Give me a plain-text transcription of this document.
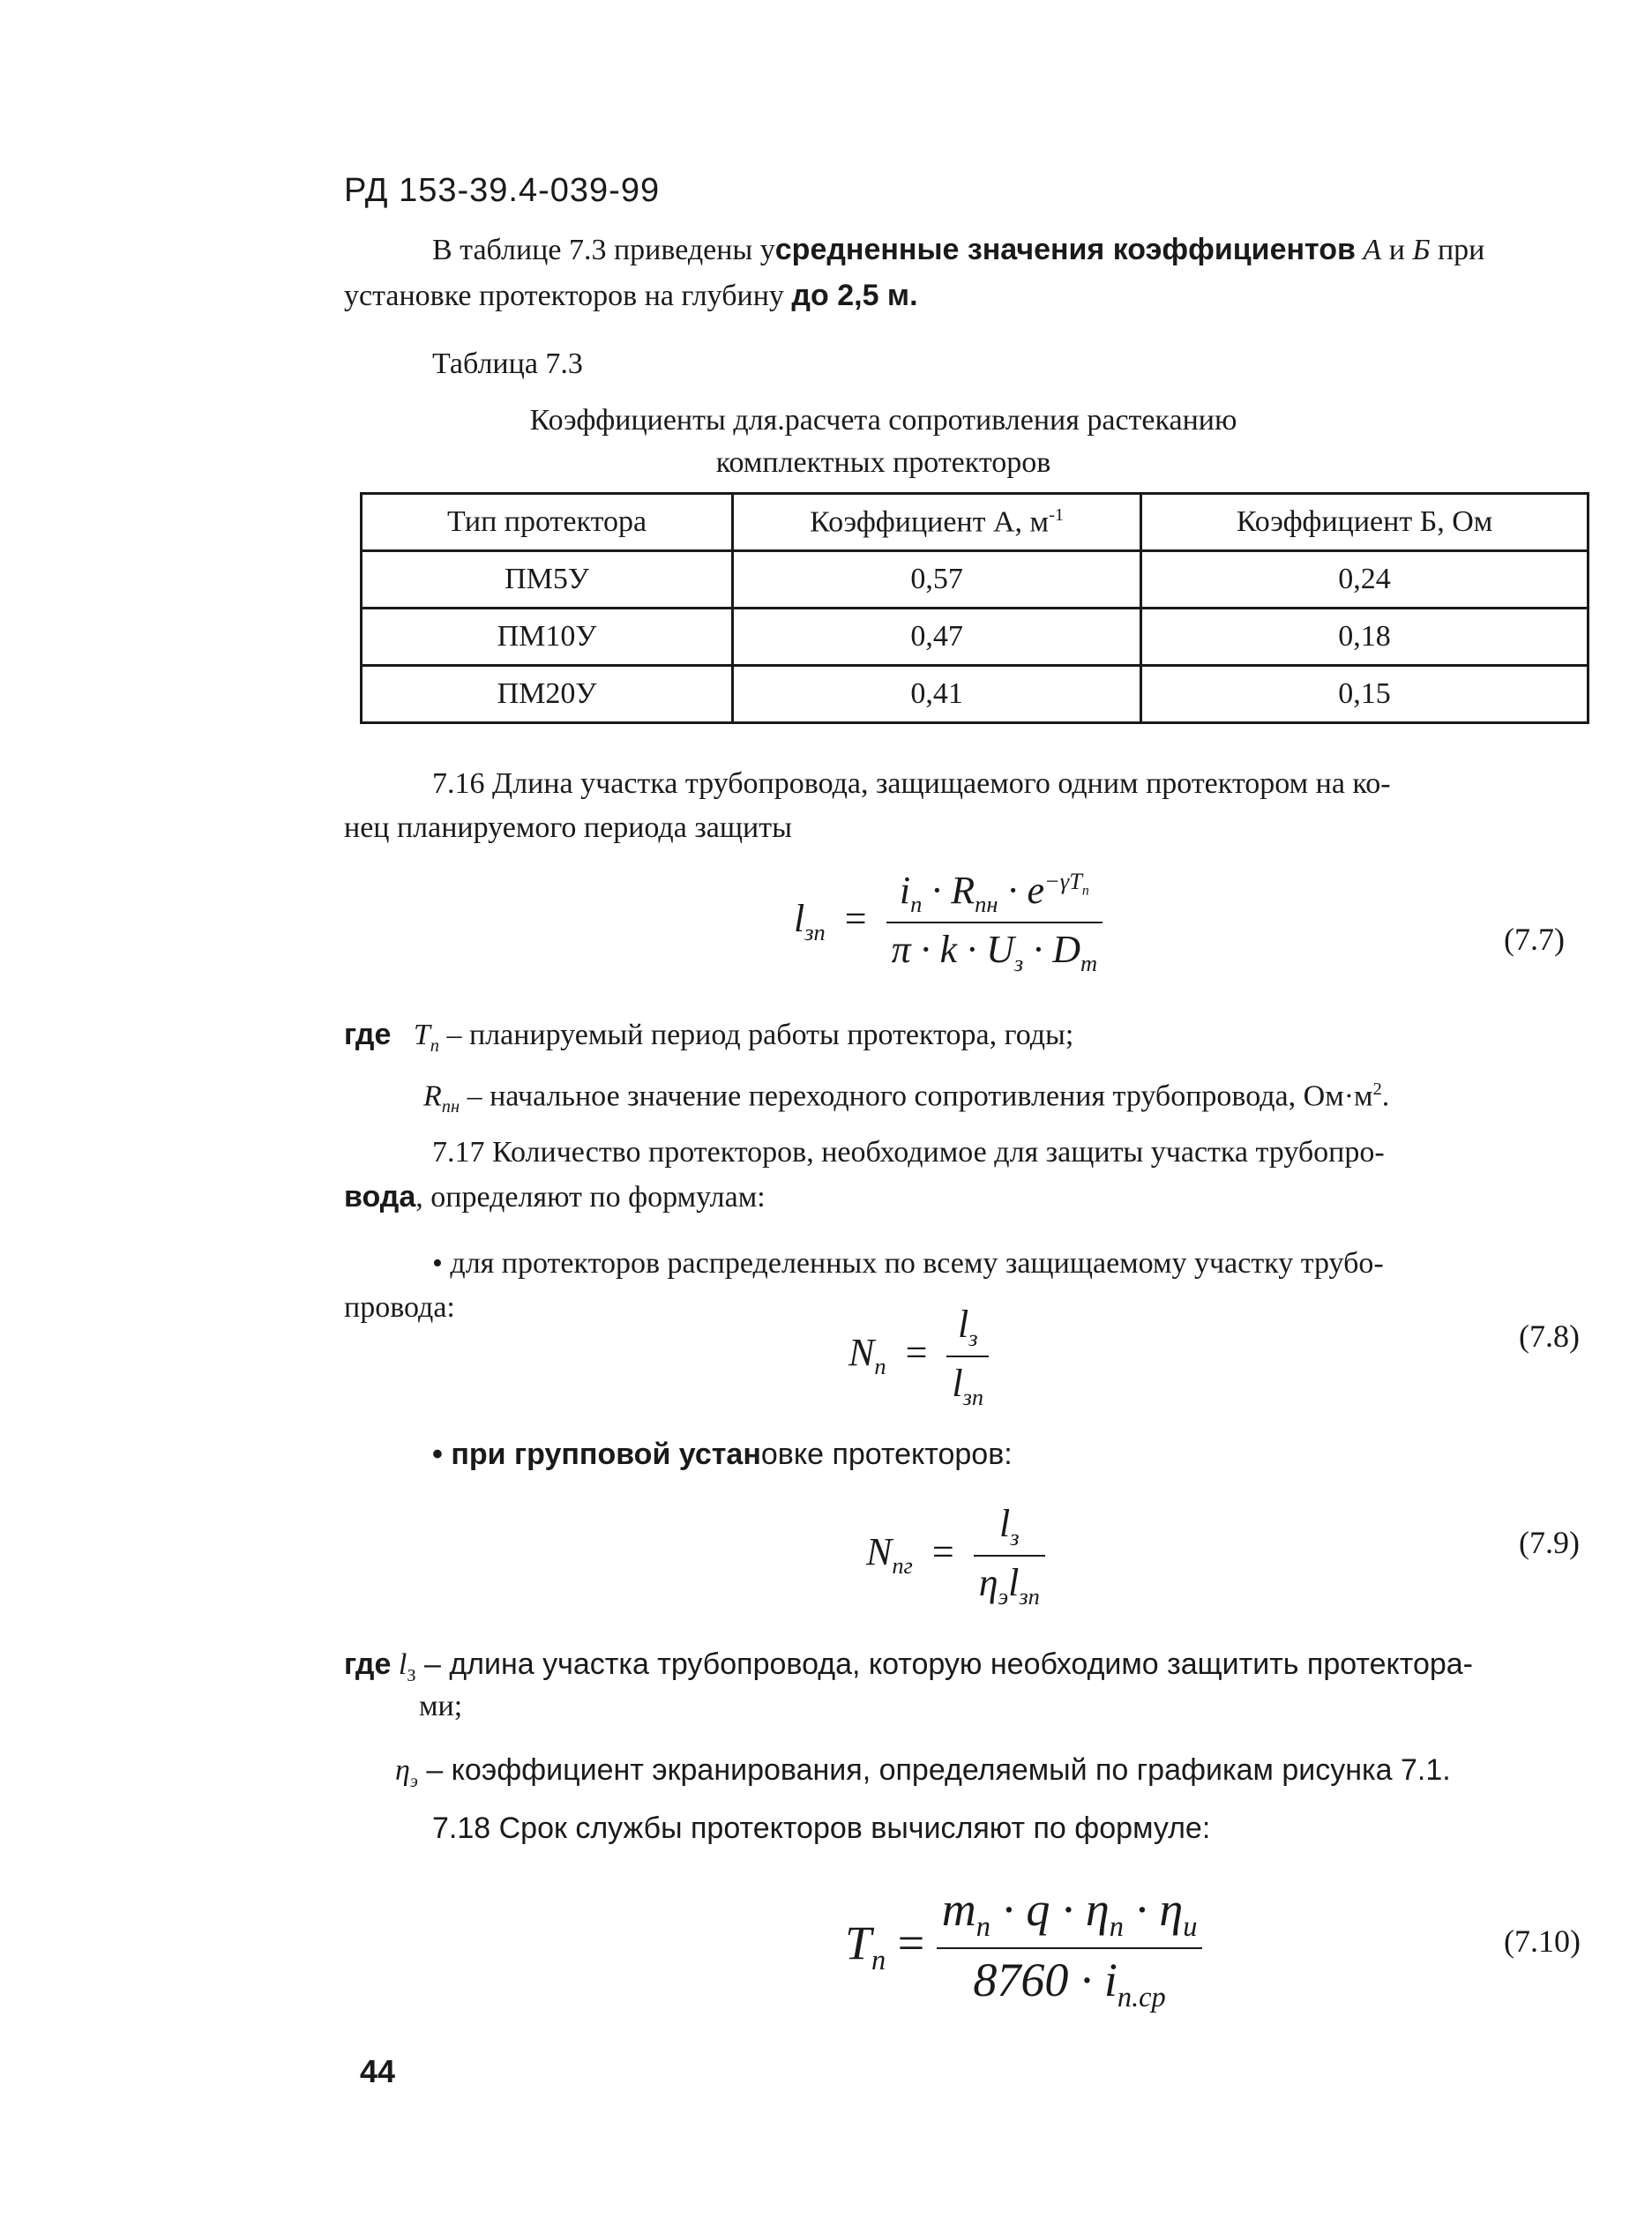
РД 153-39.4-039-99
В таблице 7.3 приведены усредненные значения коэффициентов А и Б при
установке протекторов на глубину до 2,5 м.
Таблица 7.3
Коэффициенты для.расчета сопротивления растеканию
комплектных протекторов
Тип протектора	Коэффициент А, $м^{-1}$	Коэффициент Б, Ом
ПМ5У	0,57	0,24
ПМ10У	0,47	0,18
ПМ20У	0,41	0,15
7.16 Длина участка трубопровода, защищаемого одним протектором на ко-
нец планируемого периода защиты
$l_{зп} = \frac{i_п \cdot R_{пн} \cdot e^{-\gamma T_п}}{\pi \cdot k \cdot U_з \cdot D_т}$	(7.7)
где $Т_п$ – планируемый период работы протектора, годы;
$R_{пн}$ – начальное значение переходного сопротивления трубопровода, $Ом\cdot м^2$.
7.17 Количество протекторов, необходимое для защиты участка трубопро-
вода, определяют по формулам:
• для протекторов распределенных по всему защищаемому участку трубо-
провода:
$N_п = \frac{l_з}{l_{зп}}$	(7.8)
• при групповой установке протекторов:
$N_{пг} = \frac{l_з}{\eta_эl_{зп}}$	(7.9)
где $l_З$ – длина участка трубопровода, которую необходимо защитить протектора-
ми;
$\eta_э$ – коэффициент экранирования, определяемый по графикам рисунка 7.1.
7.18 Срок службы протекторов вычисляют по формуле:
$T_п = \frac{m_п \cdot q \cdot \eta_п \cdot \eta_и}{8760 \cdot i_{п.ср}}$	(7.10)
44
